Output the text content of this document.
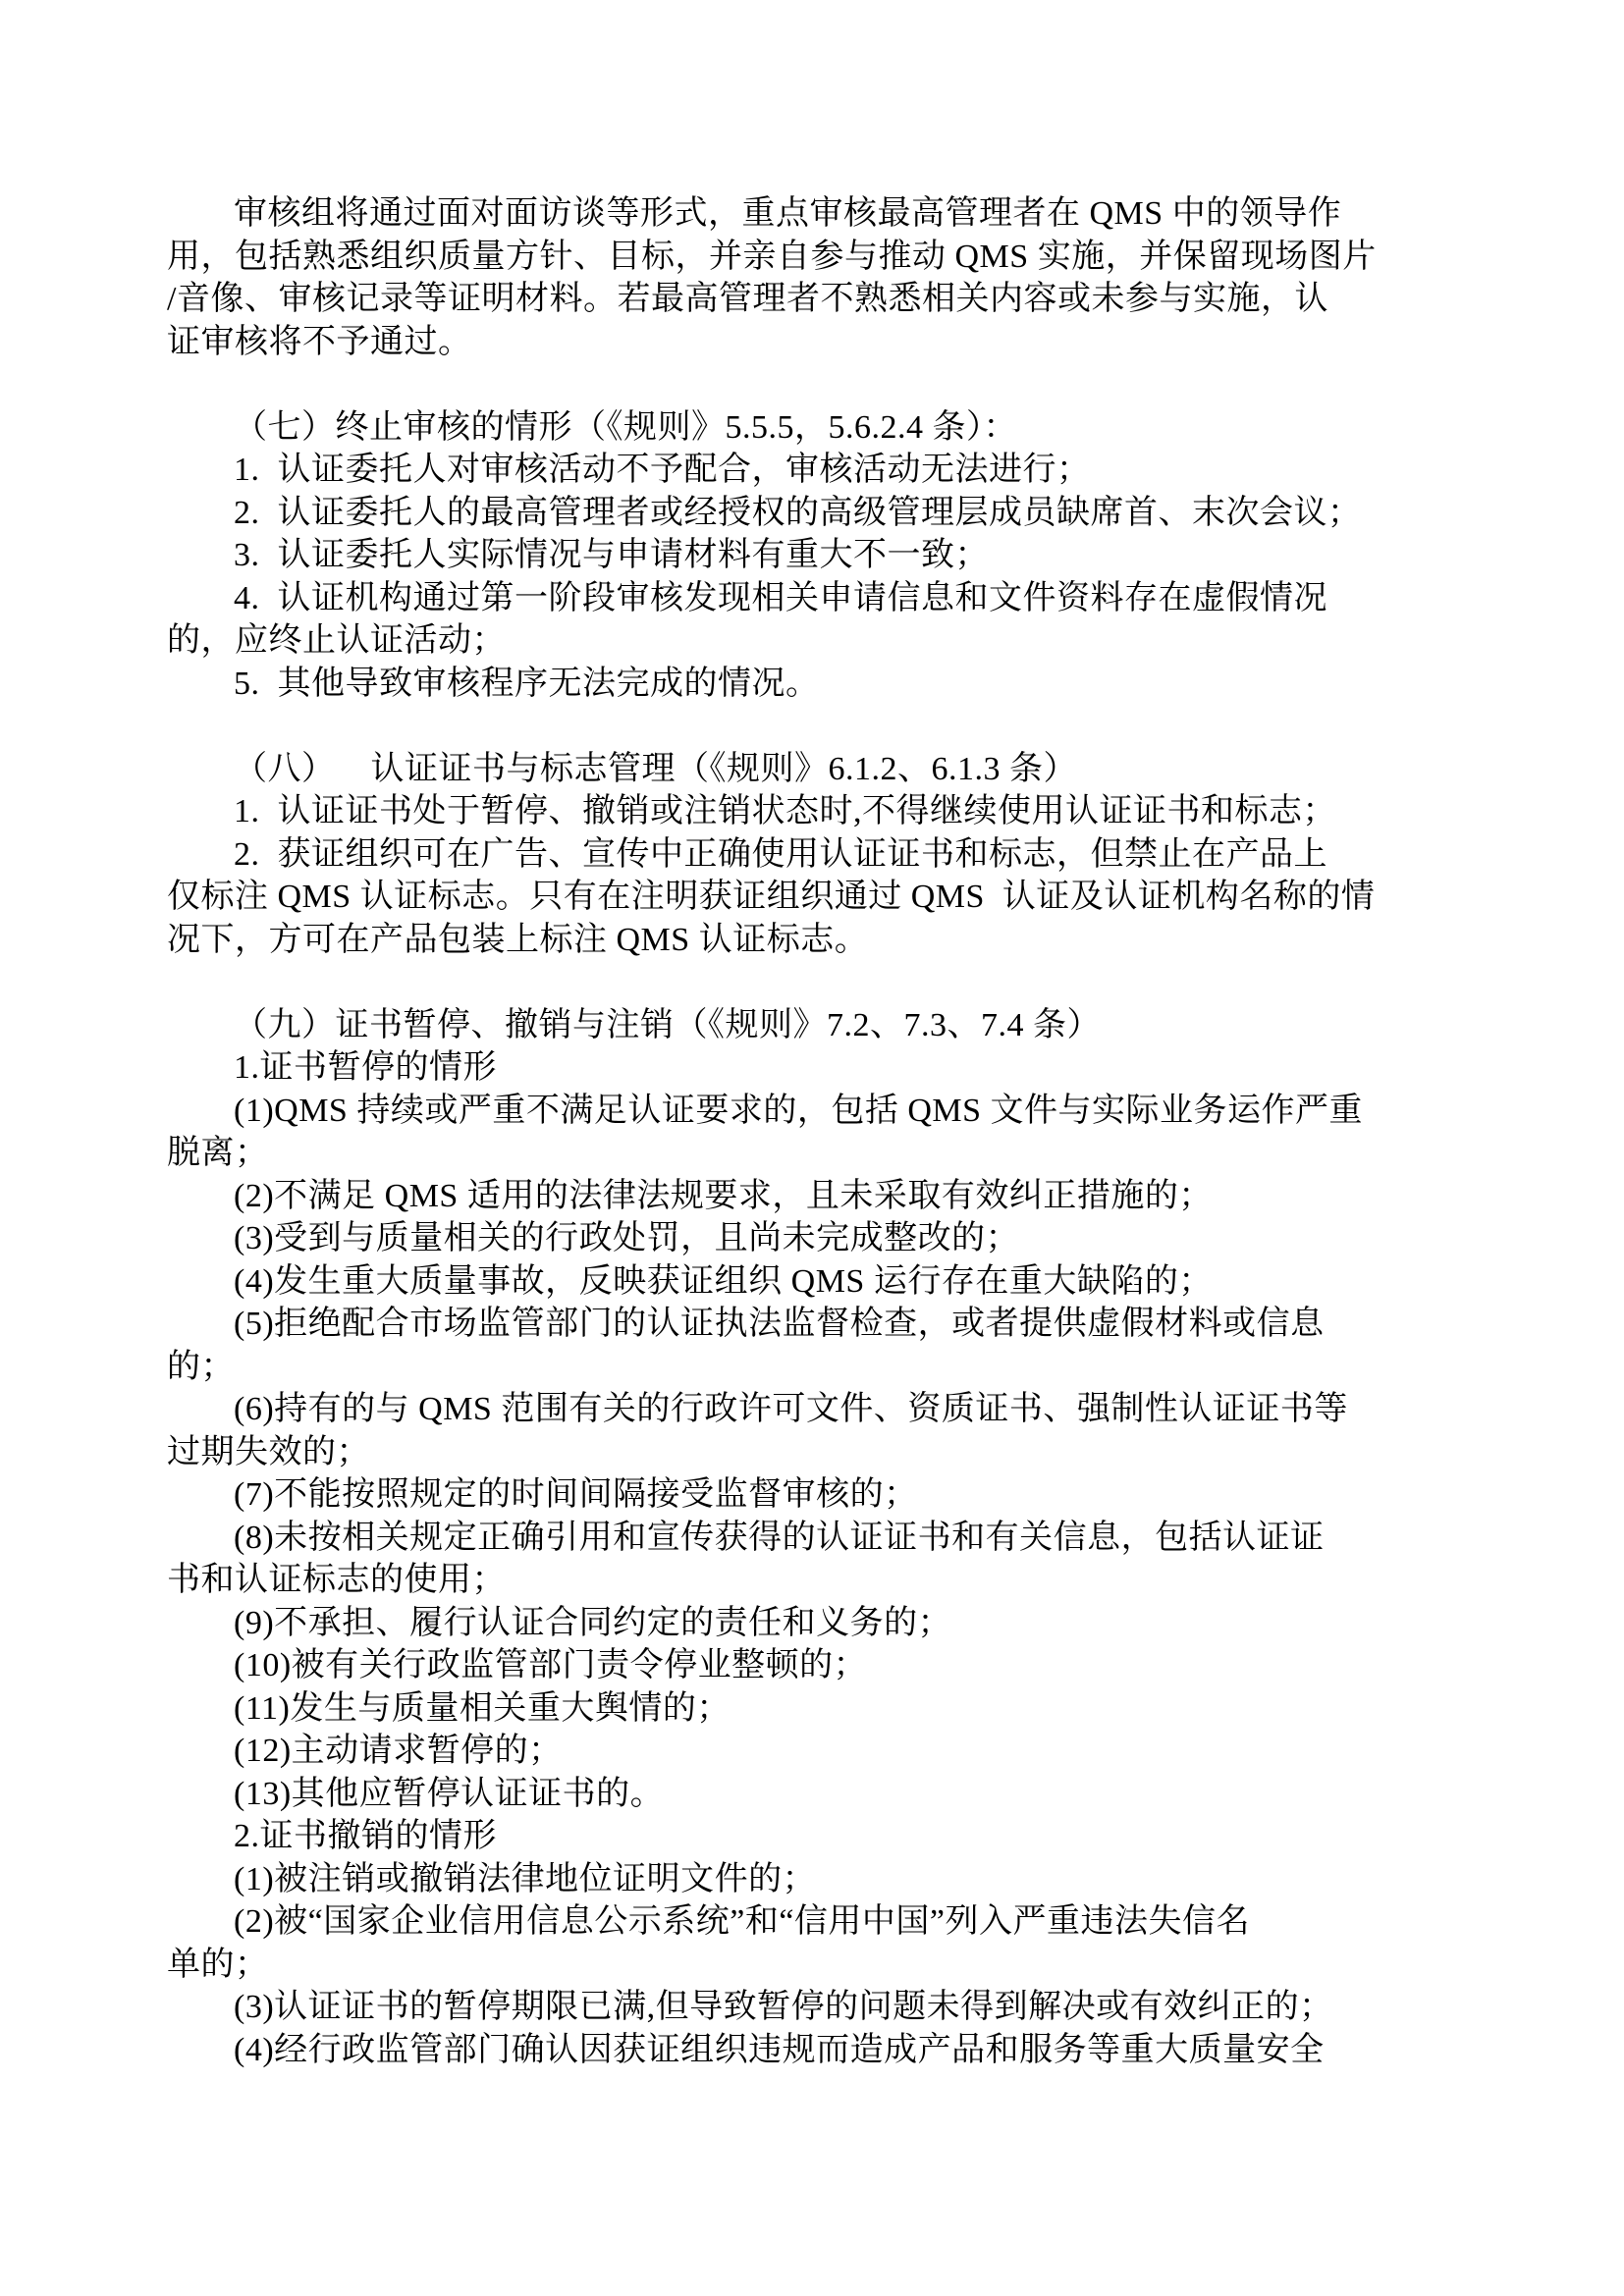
审核组将通过面对面访谈等形式，重点审核最高管理者在 QMS 中的领导作
用，包括熟悉组织质量方针、目标，并亲自参与推动 QMS 实施，并保留现场图片
/音像、审核记录等证明材料。若最高管理者不熟悉相关内容或未参与实施，认
证审核将不予通过。
（七）终止审核的情形（《规则》5.5.5，5.6.2.4 条）：
1.  认证委托人对审核活动不予配合，审核活动无法进行；
2.  认证委托人的最高管理者或经授权的高级管理层成员缺席首、末次会议；
3.  认证委托人实际情况与申请材料有重大不一致；
4.  认证机构通过第一阶段审核发现相关申请信息和文件资料存在虚假情况
的，应终止认证活动；
5.  其他导致审核程序无法完成的情况。
（八）    认证证书与标志管理（《规则》6.1.2、6.1.3 条）
1.  认证证书处于暂停、撤销或注销状态时,不得继续使用认证证书和标志；
2.  获证组织可在广告、宣传中正确使用认证证书和标志，但禁止在产品上
仅标注 QMS 认证标志。只有在注明获证组织通过 QMS  认证及认证机构名称的情
况下，方可在产品包装上标注 QMS 认证标志。
（九）证书暂停、撤销与注销（《规则》7.2、7.3、7.4 条）
1.证书暂停的情形
(1)QMS 持续或严重不满足认证要求的，包括 QMS 文件与实际业务运作严重
脱离；
(2)不满足 QMS 适用的法律法规要求，且未采取有效纠正措施的；
(3)受到与质量相关的行政处罚，且尚未完成整改的；
(4)发生重大质量事故，反映获证组织 QMS 运行存在重大缺陷的；
(5)拒绝配合市场监管部门的认证执法监督检查，或者提供虚假材料或信息
的；
(6)持有的与 QMS 范围有关的行政许可文件、资质证书、强制性认证证书等
过期失效的；
(7)不能按照规定的时间间隔接受监督审核的；
(8)未按相关规定正确引用和宣传获得的认证证书和有关信息，包括认证证
书和认证标志的使用；
(9)不承担、履行认证合同约定的责任和义务的；
(10)被有关行政监管部门责令停业整顿的；
(11)发生与质量相关重大舆情的；
(12)主动请求暂停的；
(13)其他应暂停认证证书的。
2.证书撤销的情形
(1)被注销或撤销法律地位证明文件的；
(2)被“国家企业信用信息公示系统”和“信用中国”列入严重违法失信名
单的；
(3)认证证书的暂停期限已满,但导致暂停的问题未得到解决或有效纠正的；
(4)经行政监管部门确认因获证组织违规而造成产品和服务等重大质量安全
